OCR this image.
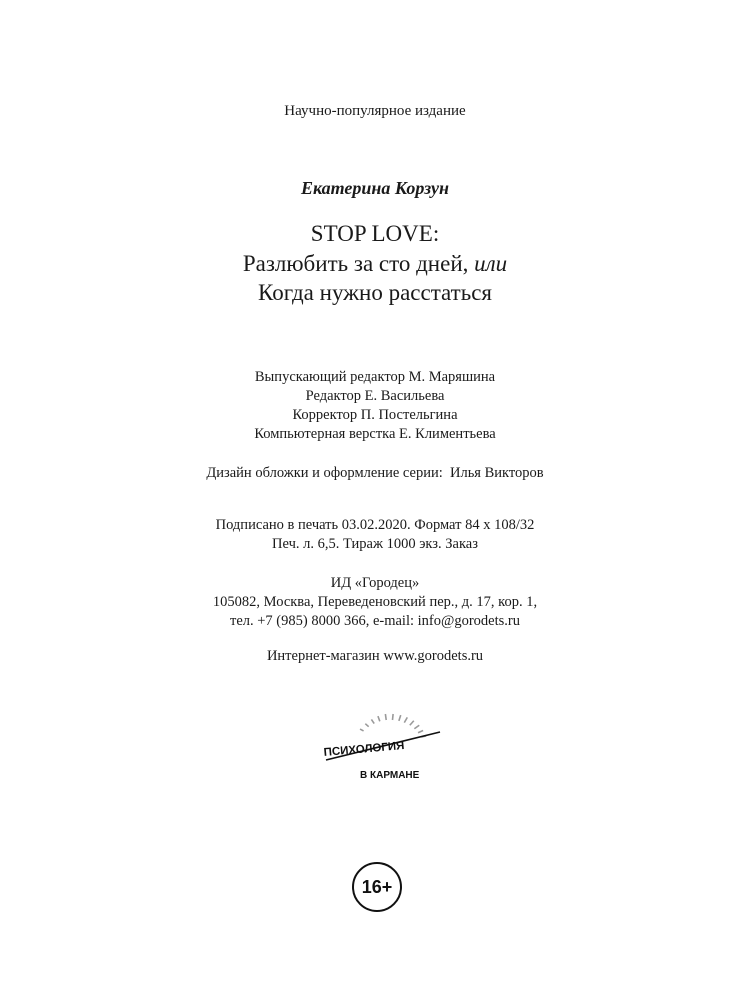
Научно-популярное издание
Екатерина Корзун
STOP LOVE:
Разлюбить за сто дней, или
Когда нужно расстаться
Выпускающий редактор М. Маряшина
Редактор Е. Васильева
Корректор П. Постельгина
Компьютерная верстка Е. Климентьева
Дизайн обложки и оформление серии:  Илья Викторов
Подписано в печать 03.02.2020. Формат 84 х 108/32
Печ. л. 6,5. Тираж 1000 экз. Заказ
ИД «Городец»
105082, Москва, Переведеновский пер., д. 17, кор. 1,
тел. +7 (985) 8000 366, e-mail: info@gorodets.ru
Интернет-магазин www.gorodets.ru
ПСИХОЛОГИЯ
В КАРМАНЕ
16+
